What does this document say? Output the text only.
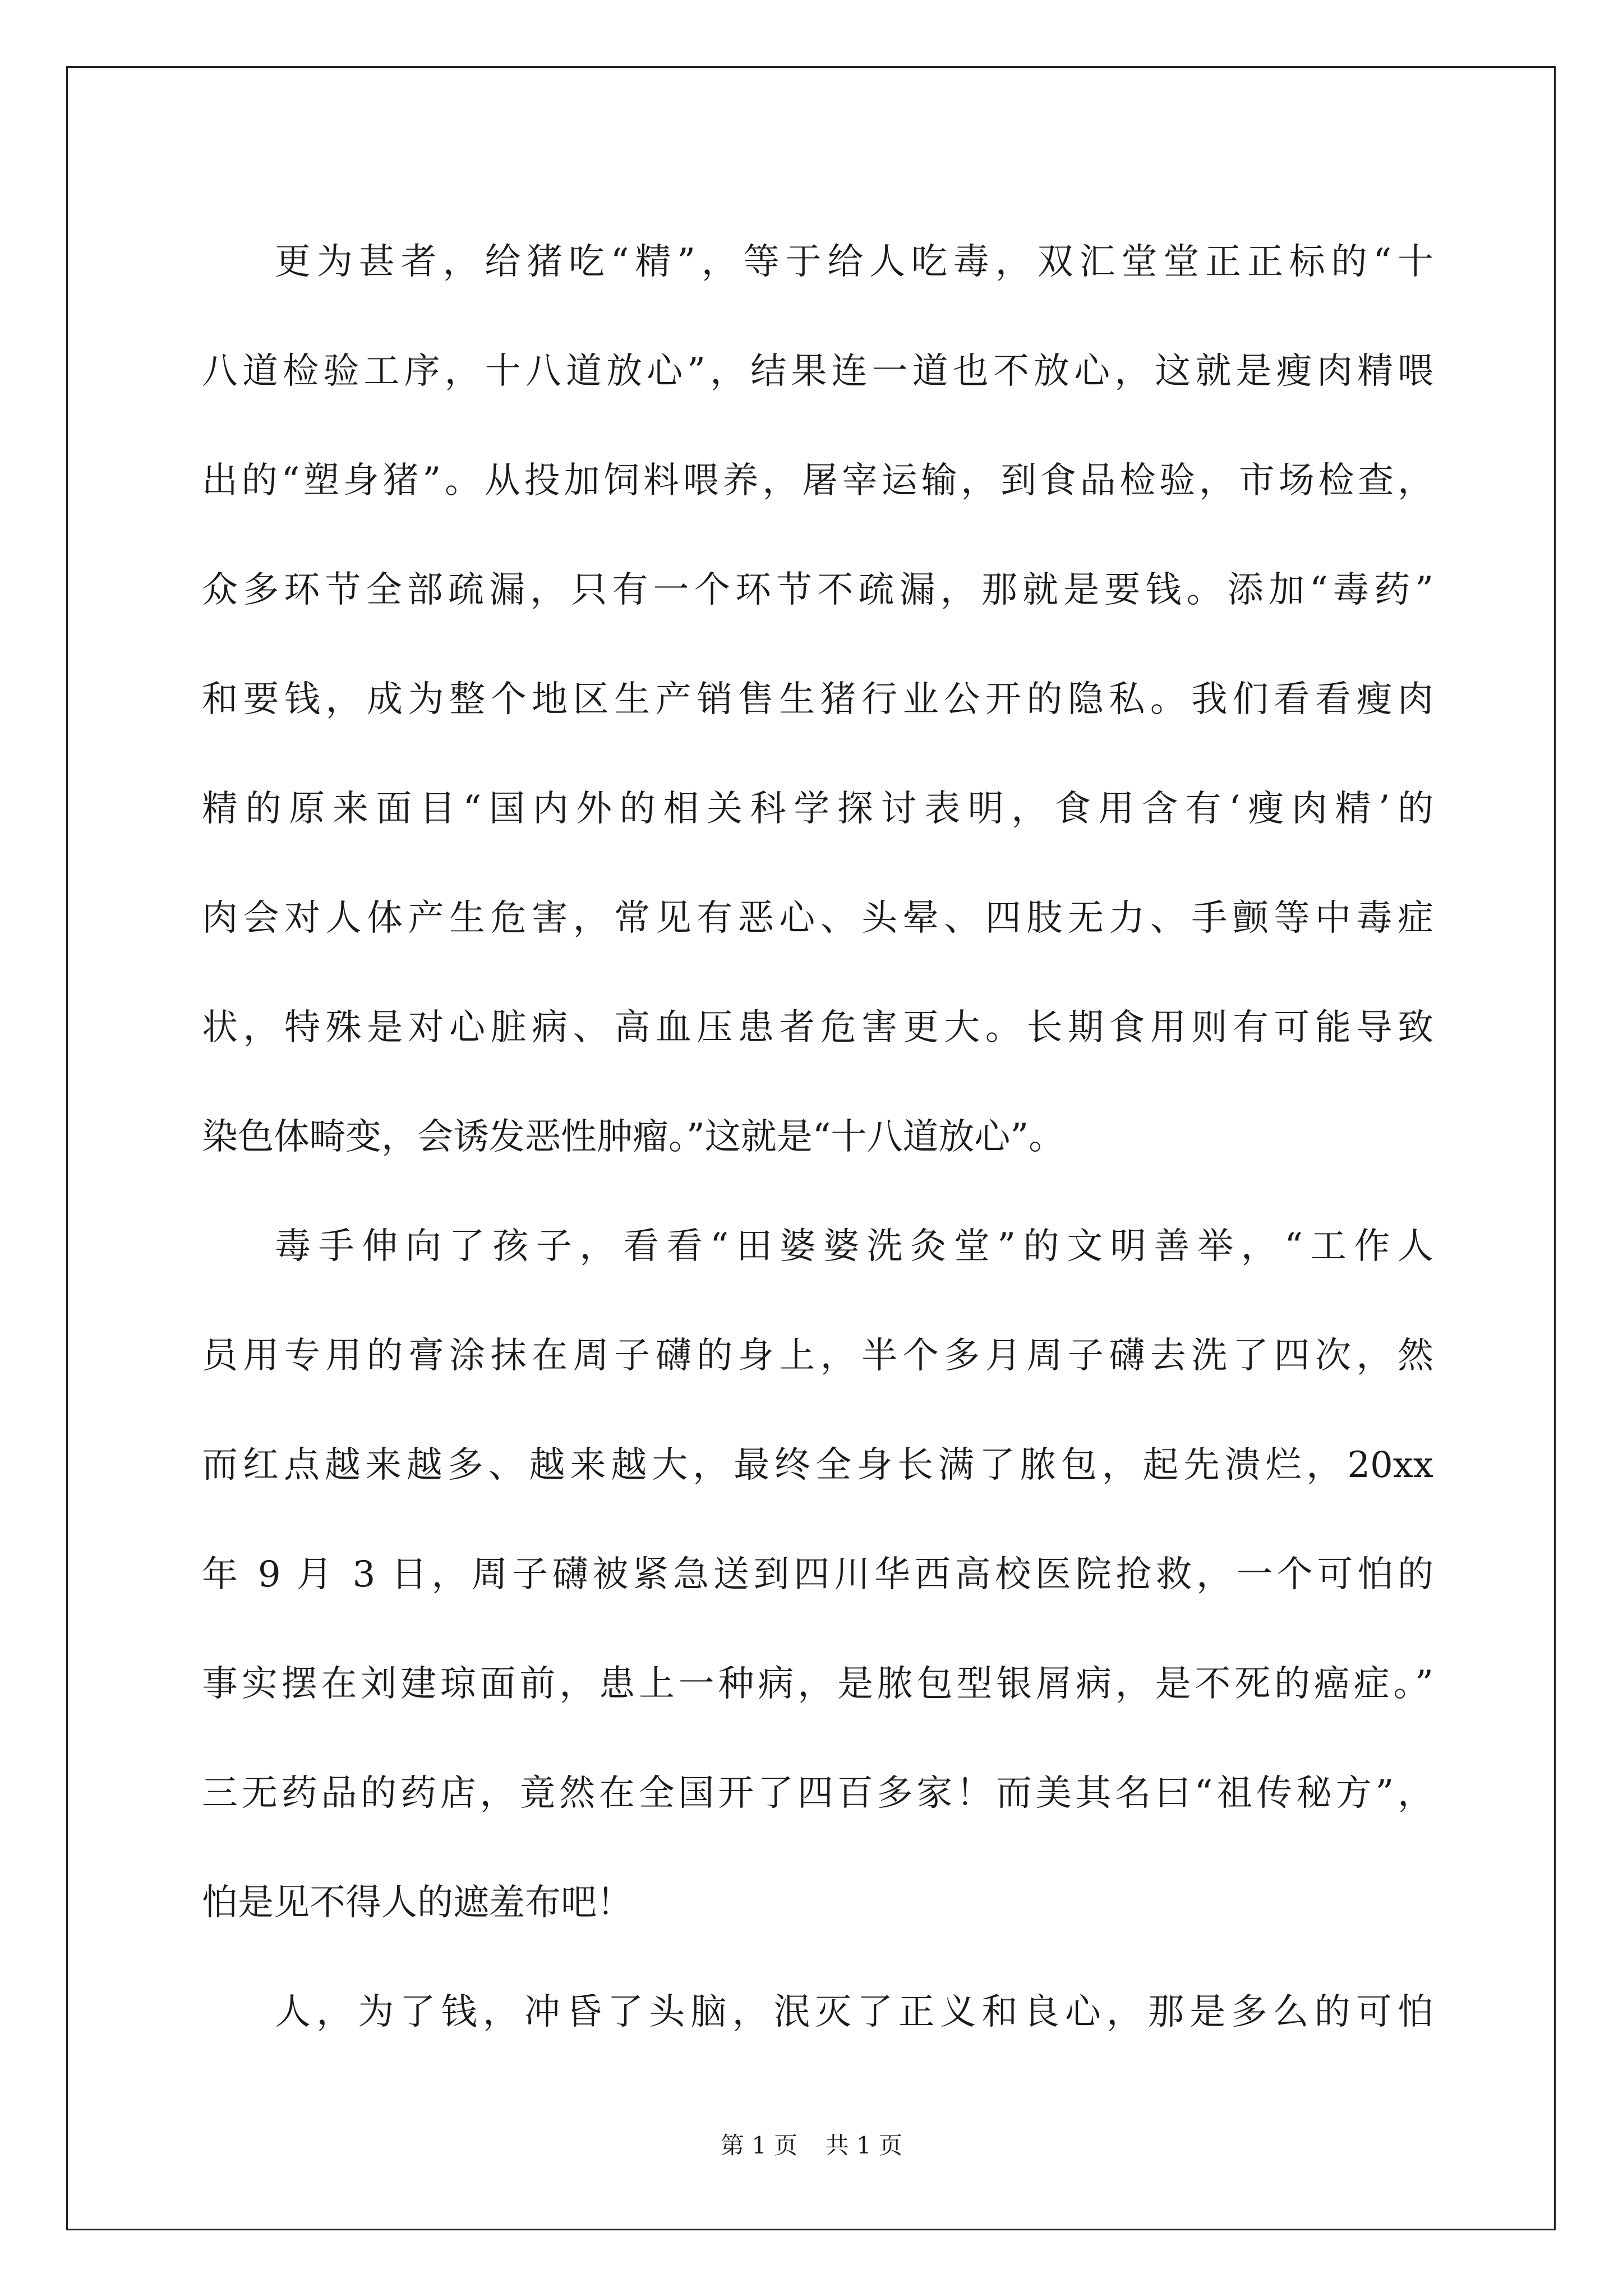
更为甚者，给猪吃“精”，等于给人吃毒，双汇堂堂正正标的“十
八道检验工序，十八道放心”，结果连一道也不放心，这就是瘦肉精喂
出的“塑身猪”。从投加饲料喂养，屠宰运输，到食品检验，市场检查，
众多环节全部疏漏，只有一个环节不疏漏，那就是要钱。添加“毒药”
和要钱，成为整个地区生产销售生猪行业公开的隐私。我们看看瘦肉
精的原来面目“国内外的相关科学探讨表明，食用含有‘瘦肉精’的
肉会对人体产生危害，常见有恶心、头晕、四肢无力、手颤等中毒症
状，特殊是对心脏病、高血压患者危害更大。长期食用则有可能导致
染色体畸变，会诱发恶性肿瘤。”这就是“十八道放心”。
毒手伸向了孩子，看看“田婆婆洗灸堂”的文明善举，“工作人
员用专用的膏涂抹在周子礴的身上，半个多月周子礴去洗了四次，然
而红点越来越多、越来越大，最终全身长满了脓包，起先溃烂，20xx
年 9 月 3 日，周子礴被紧急送到四川华西高校医院抢救，一个可怕的
事实摆在刘建琼面前，患上一种病，是脓包型银屑病，是不死的癌症。”
三无药品的药店，竟然在全国开了四百多家！而美其名曰“祖传秘方”，
怕是见不得人的遮羞布吧！
人，为了钱，冲昏了头脑，泯灭了正义和良心，那是多么的可怕
第 1 页 共 1 页
